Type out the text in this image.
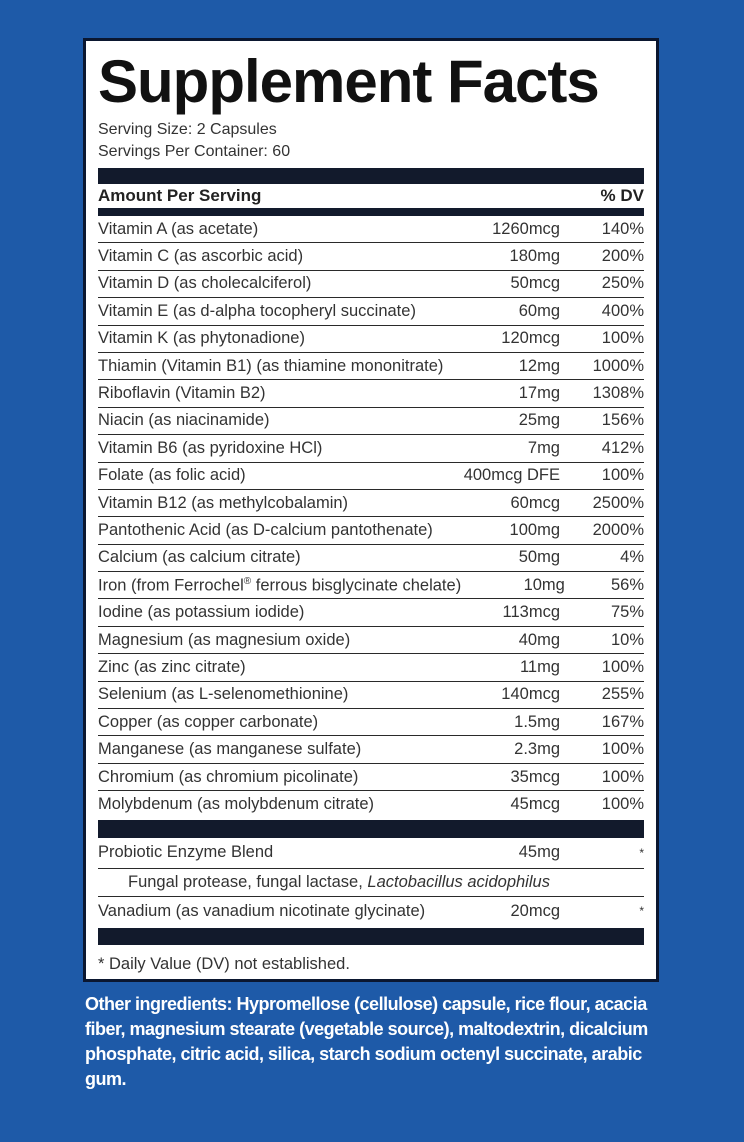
Supplement Facts
Serving Size: 2 Capsules
Servings Per Container: 60
Amount Per Serving	% DV
Vitamin A (as acetate)	1260mcg	140%
Vitamin C (as ascorbic acid)	180mg	200%
Vitamin D (as cholecalciferol)	50mcg	250%
Vitamin E (as d-alpha tocopheryl succinate)	60mg	400%
Vitamin K (as phytonadione)	120mcg	100%
Thiamin (Vitamin B1) (as thiamine mononitrate)	12mg	1000%
Riboflavin (Vitamin B2)	17mg	1308%
Niacin (as niacinamide)	25mg	156%
Vitamin B6 (as pyridoxine HCl)	7mg	412%
Folate (as folic acid)	400mcg DFE	100%
Vitamin B12 (as methylcobalamin)	60mcg	2500%
Pantothenic Acid (as D-calcium pantothenate)	100mg	2000%
Calcium (as calcium citrate)	50mg	4%
Iron (from Ferrochel® ferrous bisglycinate chelate)	10mg	56%
Iodine (as potassium iodide)	113mcg	75%
Magnesium (as magnesium oxide)	40mg	10%
Zinc (as zinc citrate)	11mg	100%
Selenium (as L-selenomethionine)	140mcg	255%
Copper (as copper carbonate)	1.5mg	167%
Manganese (as manganese sulfate)	2.3mg	100%
Chromium (as chromium picolinate)	35mcg	100%
Molybdenum (as molybdenum citrate)	45mcg	100%
Probiotic Enzyme Blend	45mg	*
Fungal protease, fungal lactase, Lactobacillus acidophilus
Vanadium (as vanadium nicotinate glycinate)	20mcg	*
* Daily Value (DV) not established.
Other ingredients: Hypromellose (cellulose) capsule, rice flour, acacia fiber, magnesium stearate (vegetable source), maltodextrin, dicalcium phosphate, citric acid, silica, starch sodium octenyl succinate, arabic gum.
